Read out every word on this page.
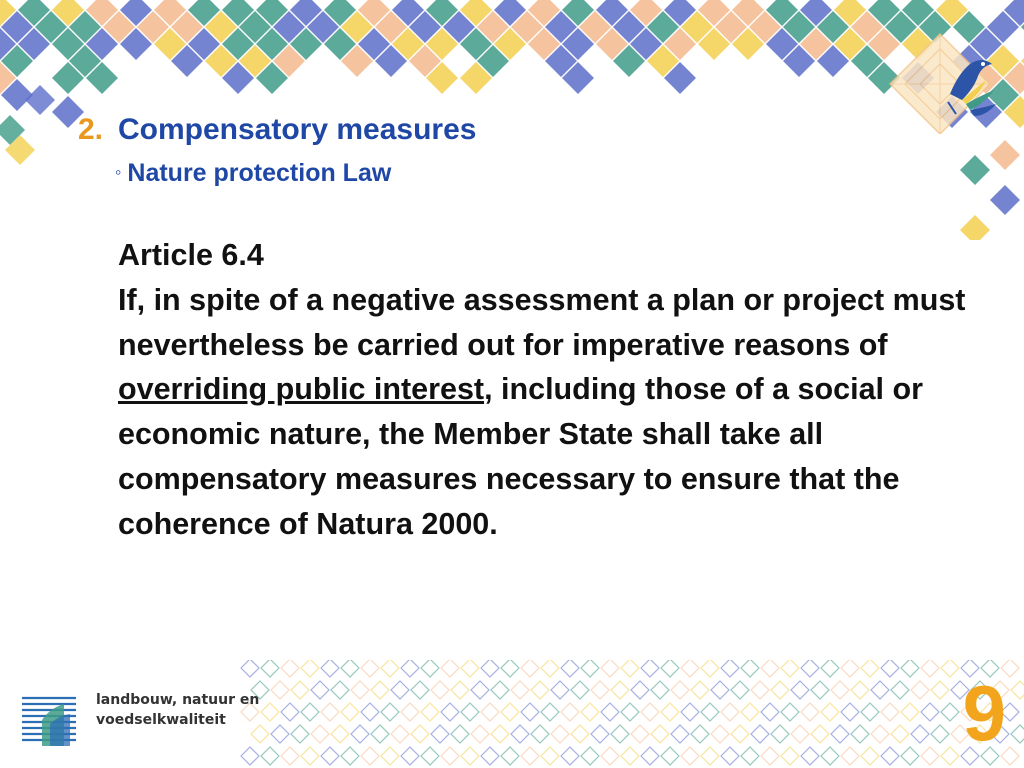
2. Compensatory measures
◦ Nature protection Law
Article 6.4
If, in spite of a negative assessment a plan or project must nevertheless be carried out for imperative reasons of overriding public interest, including those of a social or economic nature, the Member State shall take all compensatory measures necessary to ensure that the coherence of Natura 2000.
landbouw, natuur en
voedselkwaliteit	9
